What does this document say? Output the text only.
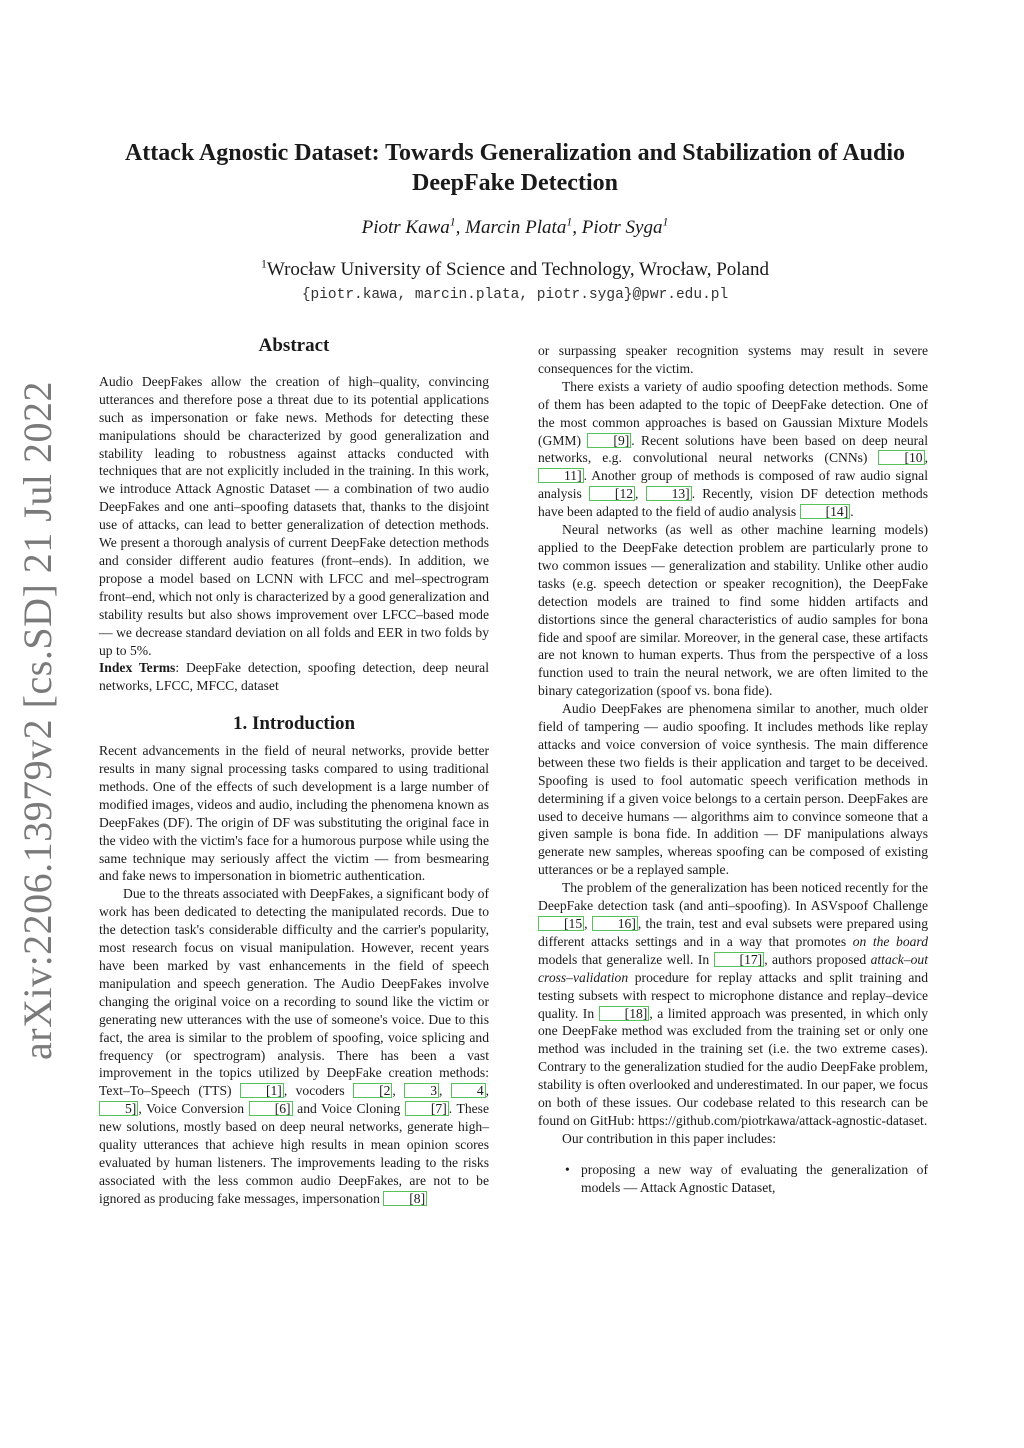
arXiv:2206.13979v2 [cs.SD] 21 Jul 2022
Attack Agnostic Dataset: Towards Generalization and Stabilization of Audio
DeepFake Detection
Piotr Kawa$^1$, Marcin Plata$^1$, Piotr Syga$^1$
$^1$Wrocław University of Science and Technology, Wrocław, Poland
{piotr.kawa, marcin.plata, piotr.syga}@pwr.edu.pl
Abstract

Audio DeepFakes allow the creation of high–quality, convincing utterances and therefore pose a threat due to its potential applications such as impersonation or fake news. Methods for detecting these manipulations should be characterized by good generalization and stability leading to robustness against attacks conducted with techniques that are not explicitly included in the training. In this work, we introduce Attack Agnostic Dataset — a combination of two audio DeepFakes and one anti–spoofing datasets that, thanks to the disjoint use of attacks, can lead to better generalization of detection methods. We present a thorough analysis of current DeepFake detection methods and consider different audio features (front–ends). In addition, we propose a model based on LCNN with LFCC and mel–spectrogram front–end, which not only is characterized by a good generalization and stability results but also shows improvement over LFCC–based mode — we decrease standard deviation on all folds and EER in two folds by up to 5%.

Index Terms: DeepFake detection, spoofing detection, deep neural networks, LFCC, MFCC, dataset

1. Introduction

Recent advancements in the field of neural networks, provide better results in many signal processing tasks compared to using traditional methods. One of the effects of such development is a large number of modified images, videos and audio, including the phenomena known as DeepFakes (DF). The origin of DF was substituting the original face in the video with the victim's face for a humorous purpose while using the same technique may seriously affect the victim — from besmearing and fake news to impersonation in biometric authentication.

Due to the threats associated with DeepFakes, a significant body of work has been dedicated to detecting the manipulated records. Due to the detection task's considerable difficulty and the carrier's popularity, most research focus on visual manipulation. However, recent years have been marked by vast enhancements in the field of speech manipulation and speech generation. The Audio DeepFakes involve changing the original voice on a recording to sound like the victim or generating new utterances with the use of someone's voice. Due to this fact, the area is similar to the problem of spoofing, voice splicing and frequency (or spectrogram) analysis. There has been a vast improvement in the topics utilized by DeepFake creation methods: Text–To–Speech (TTS) [1] , vocoders [2 , 3 , 4 , 5] , Voice Conversion [6] and Voice Cloning [7] . These new solutions, mostly based on deep neural networks, generate high–quality utterances that achieve high results in mean opinion scores evaluated by human listeners. The improvements leading to the risks associated with the less common audio DeepFakes, are not to be ignored as producing fake messages, impersonation [8]

or surpassing speaker recognition systems may result in severe consequences for the victim.

There exists a variety of audio spoofing detection methods. Some of them has been adapted to the topic of DeepFake detection. One of the most common approaches is based on Gaussian Mixture Models (GMM) [9] . Recent solutions have been based on deep neural networks, e.g. convolutional neural networks (CNNs) [10 , 11] . Another group of methods is composed of raw audio signal analysis [12 , 13] . Recently, vision DF detection methods have been adapted to the field of audio analysis [14] .

Neural networks (as well as other machine learning models) applied to the DeepFake detection problem are particularly prone to two common issues — generalization and stability. Unlike other audio tasks (e.g. speech detection or speaker recognition), the DeepFake detection models are trained to find some hidden artifacts and distortions since the general characteristics of audio samples for bona fide and spoof are similar. Moreover, in the general case, these artifacts are not known to human experts. Thus from the perspective of a loss function used to train the neural network, we are often limited to the binary categorization (spoof vs. bona fide).

Audio DeepFakes are phenomena similar to another, much older field of tampering — audio spoofing. It includes methods like replay attacks and voice conversion of voice synthesis. The main difference between these two fields is their application and target to be deceived. Spoofing is used to fool automatic speech verification methods in determining if a given voice belongs to a certain person. DeepFakes are used to deceive humans — algorithms aim to convince someone that a given sample is bona fide. In addition — DF manipulations always generate new samples, whereas spoofing can be composed of existing utterances or be a replayed sample.

The problem of the generalization has been noticed recently for the DeepFake detection task (and anti–spoofing). In ASVspoof Challenge [15 , 16] , the train, test and eval subsets were prepared using different attacks settings and in a way that promotes on the board models that generalize well. In [17] , authors proposed attack–out cross–validation procedure for replay attacks and split training and testing subsets with respect to microphone distance and replay–device quality. In [18] , a limited approach was presented, in which only one DeepFake method was excluded from the training set or only one method was included in the training set (i.e. the two extreme cases). Contrary to the generalization studied for the audio DeepFake problem, stability is often overlooked and underestimated. In our paper, we focus on both of these issues. Our codebase related to this research can be found on GitHub: https://github.com/piotrkawa/attack-agnostic-dataset.

Our contribution in this paper includes:

• proposing a new way of evaluating the generalization of models — Attack Agnostic Dataset,
